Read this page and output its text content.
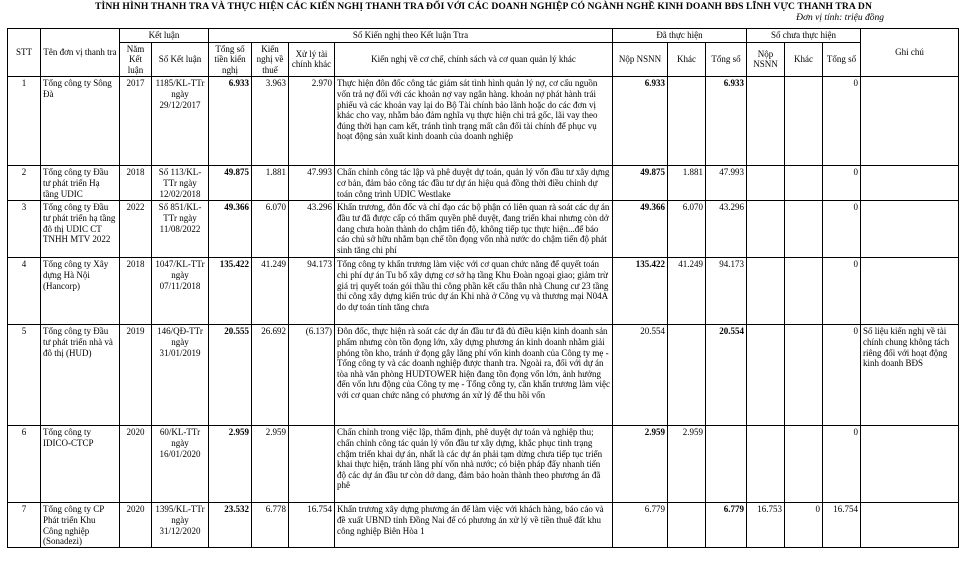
TÌNH HÌNH THANH TRA VÀ THỰC HIỆN CÁC KIẾN NGHỊ THANH TRA ĐỐI VỚI CÁC DOANH NGHIỆP CÓ NGÀNH NGHỀ KINH DOANH BĐS LĨNH VỰC THANH TRA DN
Đơn vị tính: triệu đồng
STT	Tên đơn vị thanh tra	Kết luận		Số Kiến nghị theo Kết luận Ttra				Đã thực hiện			Số chưa thực hiện			Ghi chú
		Năm Kết luận	Số Kết luận					Nộp NSNN	Khác	Tổng số	Nộp NSNN	Khác	Tổng số	
				Tổng số tiền kiến nghị	Kiến nghị về thuế	Xử lý tài chính khác	Kiến nghị về cơ chế, chính sách và cơ quan quản lý khác							

1	Tổng công ty Sông Đà	2017	1185/KL-TTr ngày 29/12/2017	6.933	3.963	2.970	Thực hiện đôn đốc công tác giám sát tình hình quản lý nợ, cơ cấu nguồn vốn trả nợ đối với các khoản nợ vay ngân hàng. khoản nợ phát hành trái phiếu và các khoản vay lại do Bộ Tài chính bảo lãnh hoặc do các đơn vị khác cho vay, nhằm bảo đảm nghĩa vụ thực hiện chi trả gốc, lãi vay theo đúng thời hạn cam kết, tránh tình trạng mất cân đối tài chính để phục vụ hoạt động sản xuất kinh doanh của doanh nghiệp	6.933		6.933			0	

2	Tổng công ty Đầu tư phát triển Hạ tầng UDIC	2018	Số 113/KL-TTr ngày 12/02/2018	49.875	1.881	47.993	Chấn chỉnh công tác lập và phê duyệt dự toán, quản lý vốn đầu tư xây dựng cơ bản, đảm bảo công tác đầu tư dự án hiệu quả đồng thời điều chỉnh dự toán công trình UDIC Westlake	49.875	1.881	47.993			0	

3	Tổng công ty Đầu tư phát triển hạ tầng đô thị UDIC CT TNHH MTV 2022	2022	Số 851/KL-TTr ngày 11/08/2022	49.366	6.070	43.296	Khẩn trương, đôn đốc và chỉ đạo các bộ phận có liên quan rà soát các dự án đầu tư đã được cấp có thẩm quyền phê duyệt, đang triển khai nhưng còn dở dang chưa hoàn thành do chậm tiến độ, không tiếp tục thực hiện...để báo cáo chủ sở hữu nhằm bạn chế tồn đọng vốn nhà nước do chậm tiến độ phát sinh tăng chi phí	49.366	6.070	43.296			0	

4	Tổng công ty Xây dựng Hà Nội (Hancorp)	2018	1047/KL-TTr ngày 07/11/2018	135.422	41.249	94.173	Tổng công ty khẩn trương làm việc với cơ quan chức năng để quyết toán chi phí dự án Tu bổ xây dựng cơ sở hạ tầng Khu Đoàn ngoại giao; giảm trừ giá trị quyết toán gói thầu thi công phần kết cấu thân nhà Chung cư 23 tầng thi công xây dựng kiến trúc dự án Khi nhà ở Công vụ và thương mại N04A do dự toán tính tăng chưa	135.422	41.249	94.173			0	

5	Tổng công ty Đầu tư phát triển nhà và đô thị (HUD)	2019	146/QĐ-TTr ngày 31/01/2019	20.555	26.692	(6.137)	Đôn đốc, thực hiện rà soát các dự án đầu tư đã đủ điều kiện kinh doanh sản phẩm nhưng còn tồn đọng lớn, xây dựng phương án kinh doanh nhằm giải phóng tồn kho, tránh ứ đọng gây lãng phí vốn kinh doanh của Công ty mẹ - Tổng công ty và các doanh nghiệp được thanh tra. Ngoài ra, đối với dự án tòa nhà văn phòng HUDTOWER hiện đang tồn đọng vốn lớn, ảnh hưởng đến vốn lưu động của Công ty mẹ - Tổng công ty, cần khẩn trương làm việc với cơ quan chức năng có phương án xử lý để thu hồi vốn	20.554		20.554			0	Số liệu kiến nghị về tài chính chung không tách riêng đối với hoạt động kinh doanh BĐS

6	Tổng công ty IDICO-CTCP	2020	60/KL-TTr ngày 16/01/2020	2.959	2.959		Chấn chỉnh trong việc lập, thẩm định, phê duyệt dự toán và nghiệp thu; chấn chỉnh công tác quản lý vốn đầu tư xây dựng, khắc phục tình trạng chậm triển khai dự án, nhất là các dự án phải tạm dừng chưa tiếp tục triển khai thực hiện, tránh lãng phí vốn nhà nước; có biện pháp đẩy nhanh tiến độ các dự án đầu tư còn dở dang, đảm bảo hoàn thành theo phương án đã phê	2.959	2.959				0	

7	Tổng công ty CP Phát triển Khu Công nghiệp (Sonadezi)	2020	1395/KL-TTr ngày 31/12/2020	23.532	6.778	16.754	Khẩn trương xây dựng phương án để làm việc với khách hàng, báo cáo và đề xuất UBND tỉnh Đồng Nai để có phương án xử lý về tiền thuê đất khu công nghiệp Biên Hòa 1	6.779		6.779	16.753	0	16.754	
